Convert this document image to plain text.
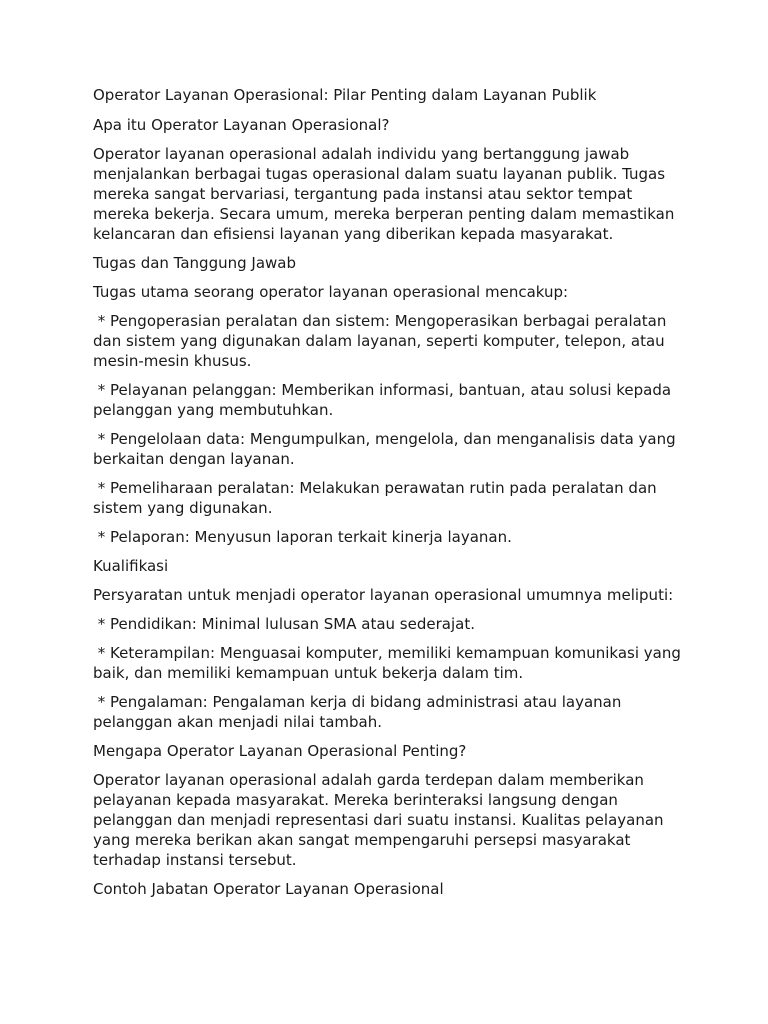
Operator Layanan Operasional: Pilar Penting dalam Layanan Publik

Apa itu Operator Layanan Operasional?

Operator layanan operasional adalah individu yang bertanggung jawab menjalankan berbagai tugas operasional dalam suatu layanan publik. Tugas mereka sangat bervariasi, tergantung pada instansi atau sektor tempat mereka bekerja. Secara umum, mereka berperan penting dalam memastikan kelancaran dan efisiensi layanan yang diberikan kepada masyarakat.

Tugas dan Tanggung Jawab

Tugas utama seorang operator layanan operasional mencakup:

* Pengoperasian peralatan dan sistem: Mengoperasikan berbagai peralatan dan sistem yang digunakan dalam layanan, seperti komputer, telepon, atau mesin-mesin khusus.

* Pelayanan pelanggan: Memberikan informasi, bantuan, atau solusi kepada pelanggan yang membutuhkan.

* Pengelolaan data: Mengumpulkan, mengelola, dan menganalisis data yang berkaitan dengan layanan.

* Pemeliharaan peralatan: Melakukan perawatan rutin pada peralatan dan sistem yang digunakan.

* Pelaporan: Menyusun laporan terkait kinerja layanan.

Kualifikasi

Persyaratan untuk menjadi operator layanan operasional umumnya meliputi:

* Pendidikan: Minimal lulusan SMA atau sederajat.

* Keterampilan: Menguasai komputer, memiliki kemampuan komunikasi yang baik, dan memiliki kemampuan untuk bekerja dalam tim.

* Pengalaman: Pengalaman kerja di bidang administrasi atau layanan pelanggan akan menjadi nilai tambah.

Mengapa Operator Layanan Operasional Penting?

Operator layanan operasional adalah garda terdepan dalam memberikan pelayanan kepada masyarakat. Mereka berinteraksi langsung dengan pelanggan dan menjadi representasi dari suatu instansi. Kualitas pelayanan yang mereka berikan akan sangat mempengaruhi persepsi masyarakat terhadap instansi tersebut.

Contoh Jabatan Operator Layanan Operasional
